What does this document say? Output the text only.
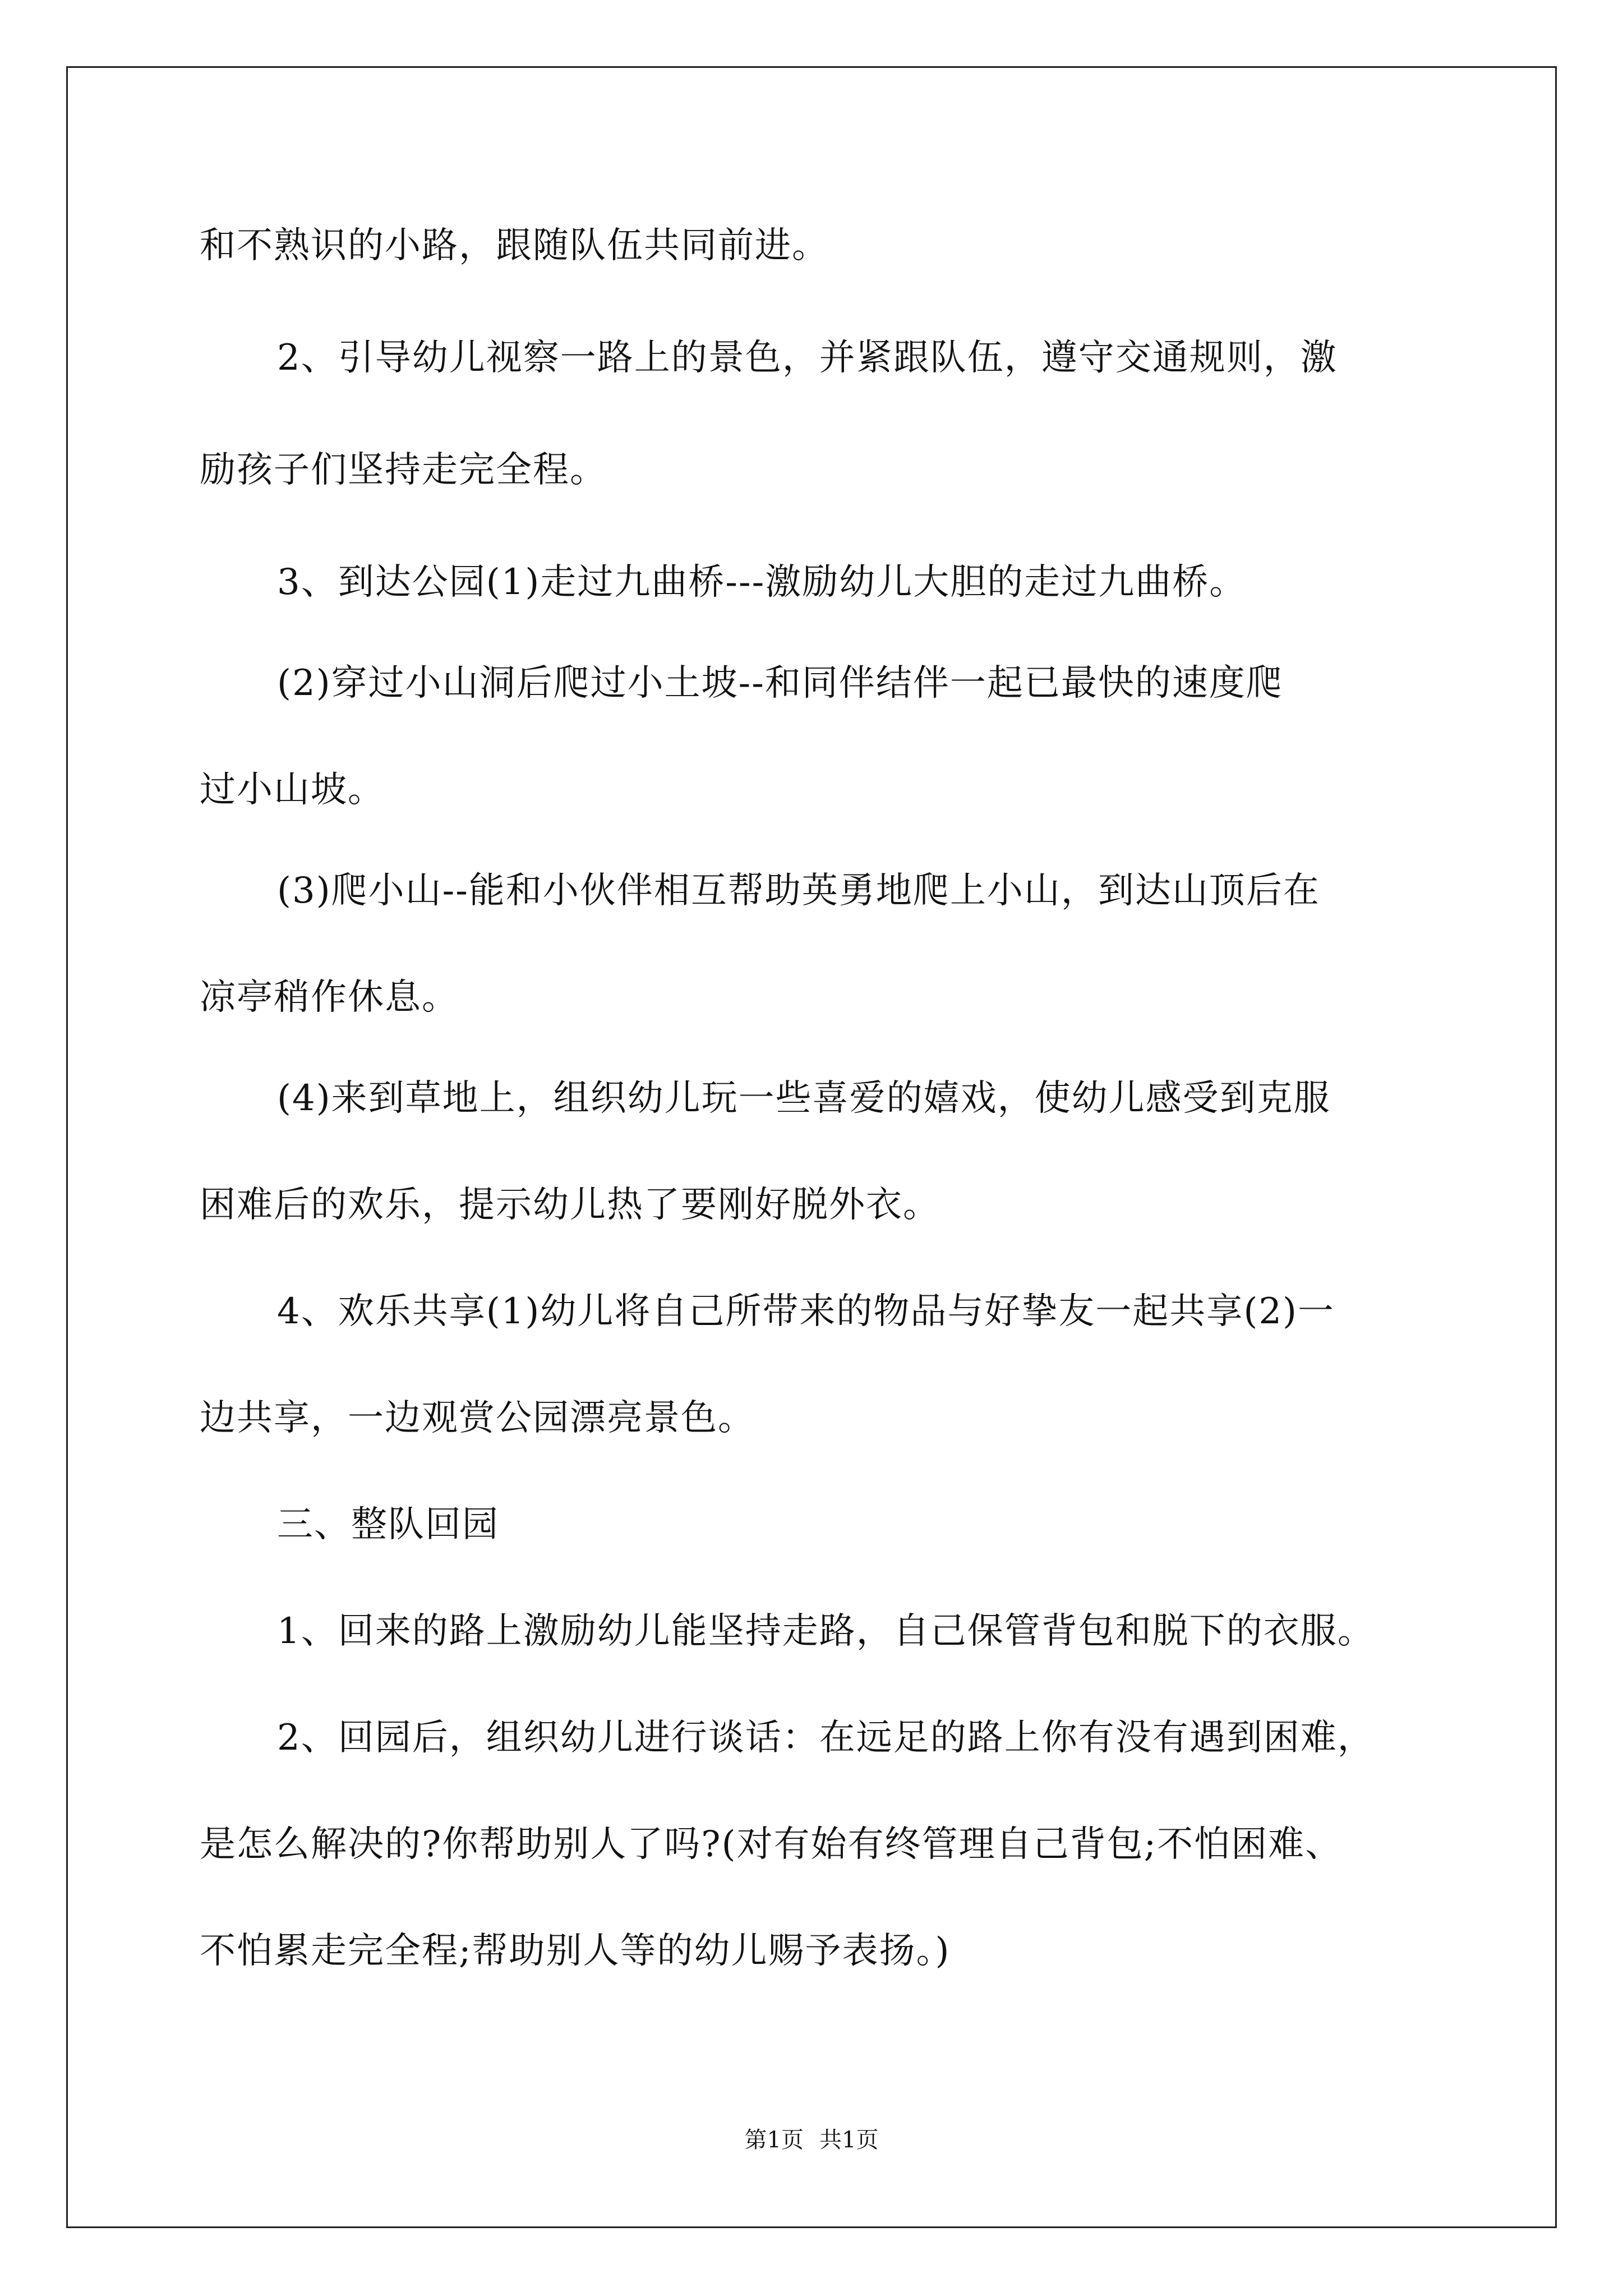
和不熟识的小路，跟随队伍共同前进。
2、引导幼儿视察一路上的景色，并紧跟队伍，遵守交通规则，激
励孩子们坚持走完全程。
3、到达公园(1)走过九曲桥---激励幼儿大胆的走过九曲桥。
(2)穿过小山洞后爬过小土坡--和同伴结伴一起已最快的速度爬
过小山坡。
(3)爬小山--能和小伙伴相互帮助英勇地爬上小山，到达山顶后在
凉亭稍作休息。
(4)来到草地上，组织幼儿玩一些喜爱的嬉戏，使幼儿感受到克服
困难后的欢乐，提示幼儿热了要刚好脱外衣。
4、欢乐共享(1)幼儿将自己所带来的物品与好挚友一起共享(2)一
边共享，一边观赏公园漂亮景色。
三、整队回园
1、回来的路上激励幼儿能坚持走路，自己保管背包和脱下的衣服。
2、回园后，组织幼儿进行谈话：在远足的路上你有没有遇到困难，
是怎么解决的?你帮助别人了吗?(对有始有终管理自己背包;不怕困难、
不怕累走完全程;帮助别人等的幼儿赐予表扬。)
第1页 共1页
